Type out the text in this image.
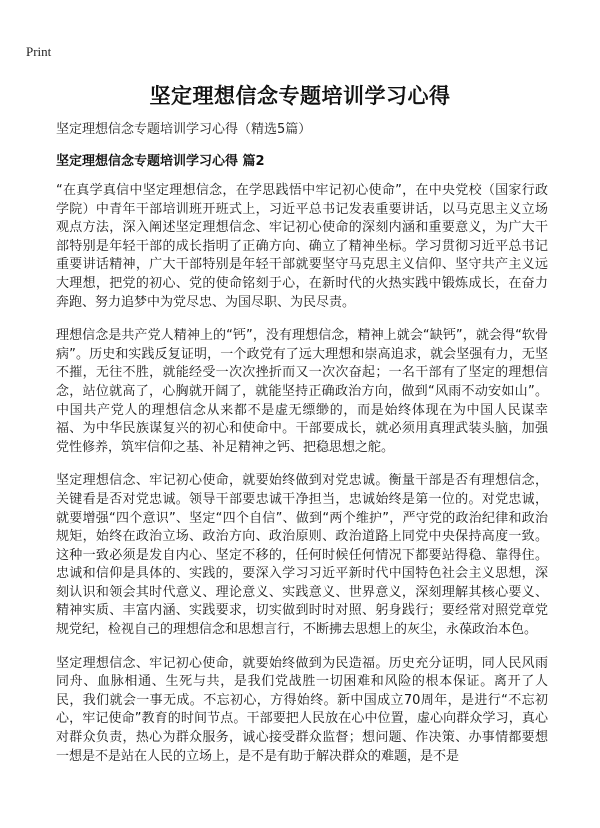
Print
坚定理想信念专题培训学习心得
坚定理想信念专题培训学习心得（精选5篇）
坚定理想信念专题培训学习心得 篇2

“在真学真信中坚定理想信念，在学思践悟中牢记初心使命”，在中央党校（国家行政学院）中青年干部培训班开班式上，习近平总书记发表重要讲话，以马克思主义立场观点方法，深入阐述坚定理想信念、牢记初心使命的深刻内涵和重要意义，为广大干部特别是年轻干部的成长指明了正确方向、确立了精神坐标。学习贯彻习近平总书记重要讲话精神，广大干部特别是年轻干部就要坚守马克思主义信仰、坚守共产主义远大理想，把党的初心、党的使命铭刻于心，在新时代的火热实践中锻炼成长，在奋力奔跑、努力追梦中为党尽忠、为国尽职、为民尽责。

理想信念是共产党人精神上的“钙”，没有理想信念，精神上就会“缺钙”，就会得“软骨病”。历史和实践反复证明，一个政党有了远大理想和崇高追求，就会坚强有力，无坚不摧，无往不胜，就能经受一次次挫折而又一次次奋起；一名干部有了坚定的理想信念，站位就高了，心胸就开阔了，就能坚持正确政治方向，做到“风雨不动安如山”。中国共产党人的理想信念从来都不是虚无缥缈的，而是始终体现在为中国人民谋幸福、为中华民族谋复兴的初心和使命中。干部要成长，就必须用真理武装头脑，加强党性修养，筑牢信仰之基、补足精神之钙、把稳思想之舵。

坚定理想信念、牢记初心使命，就要始终做到对党忠诚。衡量干部是否有理想信念，关键看是否对党忠诚。领导干部要忠诚干净担当，忠诚始终是第一位的。对党忠诚，就要增强“四个意识”、坚定“四个自信”、做到“两个维护”，严守党的政治纪律和政治规矩，始终在政治立场、政治方向、政治原则、政治道路上同党中央保持高度一致。这种一致必须是发自内心、坚定不移的，任何时候任何情况下都要站得稳、靠得住。忠诚和信仰是具体的、实践的，要深入学习习近平新时代中国特色社会主义思想，深刻认识和领会其时代意义、理论意义、实践意义、世界意义，深刻理解其核心要义、精神实质、丰富内涵、实践要求，切实做到时时对照、躬身践行；要经常对照党章党规党纪，检视自己的理想信念和思想言行，不断拂去思想上的灰尘，永葆政治本色。

坚定理想信念、牢记初心使命，就要始终做到为民造福。历史充分证明，同人民风雨同舟、血脉相通、生死与共，是我们党战胜一切困难和风险的根本保证。离开了人民，我们就会一事无成。不忘初心，方得始终。新中国成立70周年，是进行“不忘初心，牢记使命”教育的时间节点。干部要把人民放在心中位置，虚心向群众学习，真心对群众负责，热心为群众服务，诚心接受群众监督；想问题、作决策、办事情都要想一想是不是站在人民的立场上，是不是有助于解决群众的难题，是不是
